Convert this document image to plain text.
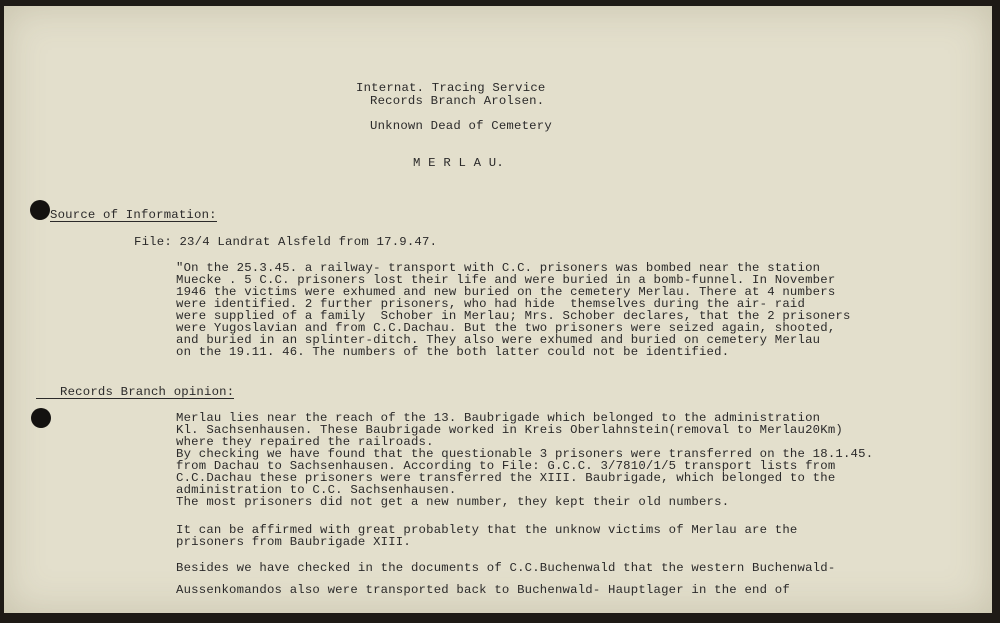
Internat. Tracing Service
Records Branch Arolsen.
Unknown Dead of Cemetery
M E R L A U.
Source of Information:
File: 23/4 Landrat Alsfeld from 17.9.47.
"On the 25.3.45. a railway- transport with C.C. prisoners was bombed near the station
Muecke . 5 C.C. prisoners lost their life and were buried in a bomb-funnel. In November
1946 the victims were exhumed and new buried on the cemetery Merlau. There at 4 numbers
were identified. 2 further prisoners, who had hide  themselves during the air- raid
were supplied of a family  Schober in Merlau; Mrs. Schober declares, that the 2 prisoners
were Yugoslavian and from C.C.Dachau. But the two prisoners were seized again, shooted,
and buried in an splinter-ditch. They also were exhumed and buried on cemetery Merlau
on the 19.11. 46. The numbers of the both latter could not be identified.
Records Branch opinion:
Merlau lies near the reach of the 13. Baubrigade which belonged to the administration
Kl. Sachsenhausen. These Baubrigade worked in Kreis Oberlahnstein(removal to Merlau20Km)
where they repaired the railroads.
By checking we have found that the questionable 3 prisoners were transferred on the 18.1.45.
from Dachau to Sachsenhausen. According to File: G.C.C. 3/7810/1/5 transport lists from
C.C.Dachau these prisoners were transferred the XIII. Baubrigade, which belonged to the
administration to C.C. Sachsenhausen.
The most prisoners did not get a new number, they kept their old numbers.
It can be affirmed with great probablety that the unknow victims of Merlau are the
prisoners from Baubrigade XIII.
Besides we have checked in the documents of C.C.Buchenwald that the western Buchenwald-
Aussenkomandos also were transported back to Buchenwald- Hauptlager in the end of
